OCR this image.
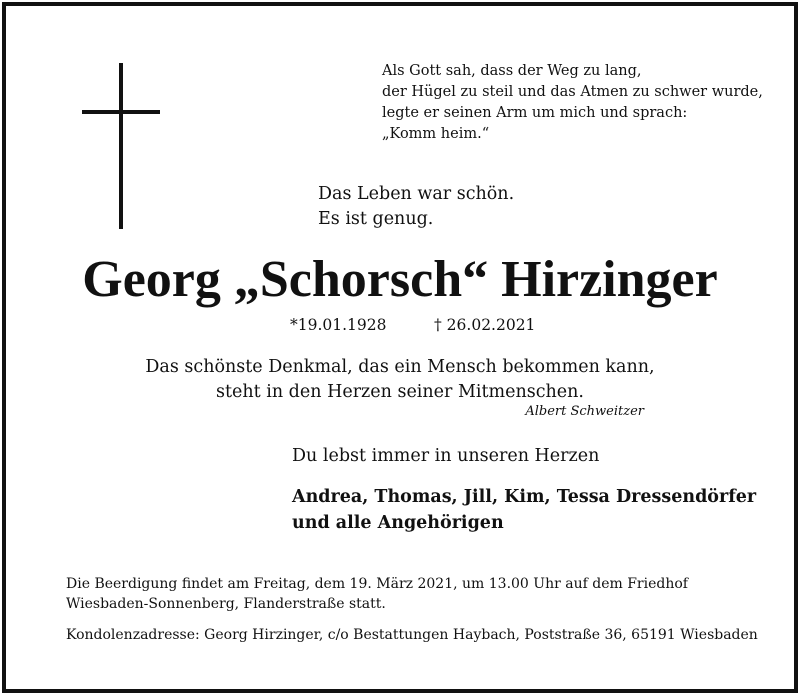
Als Gott sah, dass der Weg zu lang,
der Hügel zu steil und das Atmen zu schwer wurde,
legte er seinen Arm um mich und sprach:
„Komm heim.“
Das Leben war schön.
Es ist genug.
Georg „Schorsch“ Hirzinger
*19.01.1928	† 26.02.2021
Das schönste Denkmal, das ein Mensch bekommen kann,
steht in den Herzen seiner Mitmenschen.
Albert Schweitzer
Du lebst immer in unseren Herzen
Andrea, Thomas, Jill, Kim, Tessa Dressendörfer
und alle Angehörigen
Die Beerdigung findet am Freitag, dem 19. März 2021, um 13.00 Uhr auf dem Friedhof
Wiesbaden-Sonnenberg, Flanderstraße statt.
Kondolenzadresse: Georg Hirzinger, c/o Bestattungen Haybach, Poststraße 36, 65191 Wiesbaden
